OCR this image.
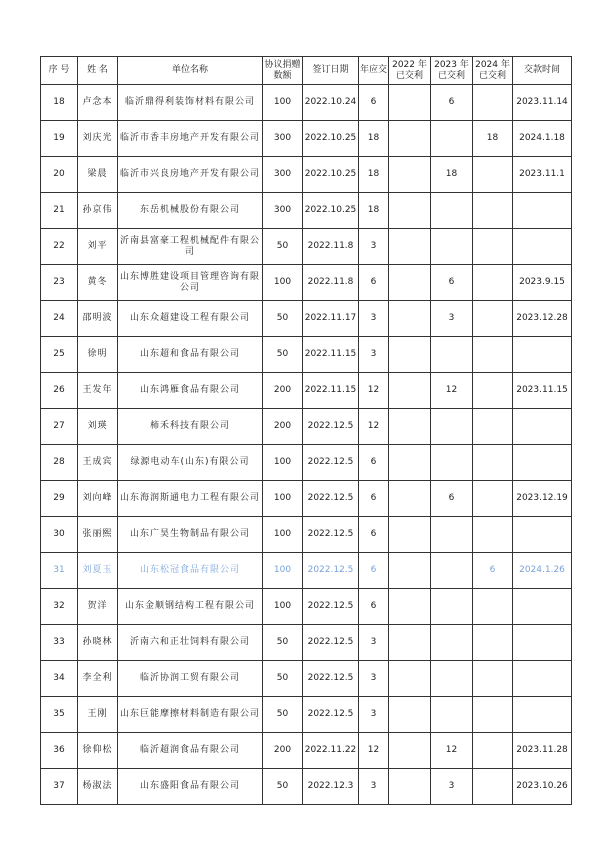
序 号	姓 名	单位名称	协议捐赠数额	签订日期	年应交	2022 年已交利	2023 年已交利	2024 年已交利	交款时间
18	卢念本	临沂鼎得利装饰材料有限公司	100	2022.10.24	6		6		2023.11.14
19	刘庆光	临沂市香丰房地产开发有限公司	300	2022.10.25	18			18	2024.1.18
20	梁晨	临沂市兴良房地产开发有限公司	300	2022.10.25	18		18		2023.11.1
21	孙京伟	东岳机械股份有限公司	300	2022.10.25	18				
22	刘平	沂南县富豪工程机械配件有限公司	50	2022.11.8	3				
23	黄冬	山东博胜建设项目管理咨询有限公司	100	2022.11.8	6		6		2023.9.15
24	邵明波	山东众超建设工程有限公司	50	2022.11.17	3		3		2023.12.28
25	徐明	山东超和食品有限公司	50	2022.11.15	3				
26	王发年	山东鸿雁食品有限公司	200	2022.11.15	12		12		2023.11.15
27	刘瑛	柿禾科技有限公司	200	2022.12.5	12				
28	王成宾	绿源电动车(山东)有限公司	100	2022.12.5	6				
29	刘向峰	山东海润斯通电力工程有限公司	100	2022.12.5	6		6		2023.12.19
30	张丽熙	山东广昊生物制品有限公司	100	2022.12.5	6				
31	刘夏玉	山东松冠食品有限公司	100	2022.12.5	6			6	2024.1.26
32	贺洋	山东金顺钢结构工程有限公司	100	2022.12.5	6				
33	孙晓林	沂南六和正壮饲料有限公司	50	2022.12.5	3				
34	李全利	临沂协润工贸有限公司	50	2022.12.5	3				
35	王刚	山东巨能摩擦材料制造有限公司	50	2022.12.5	3				
36	徐仰松	临沂超润食品有限公司	200	2022.11.22	12		12		2023.11.28
37	杨淑法	山东盛阳食品有限公司	50	2022.12.3	3		3		2023.10.26
